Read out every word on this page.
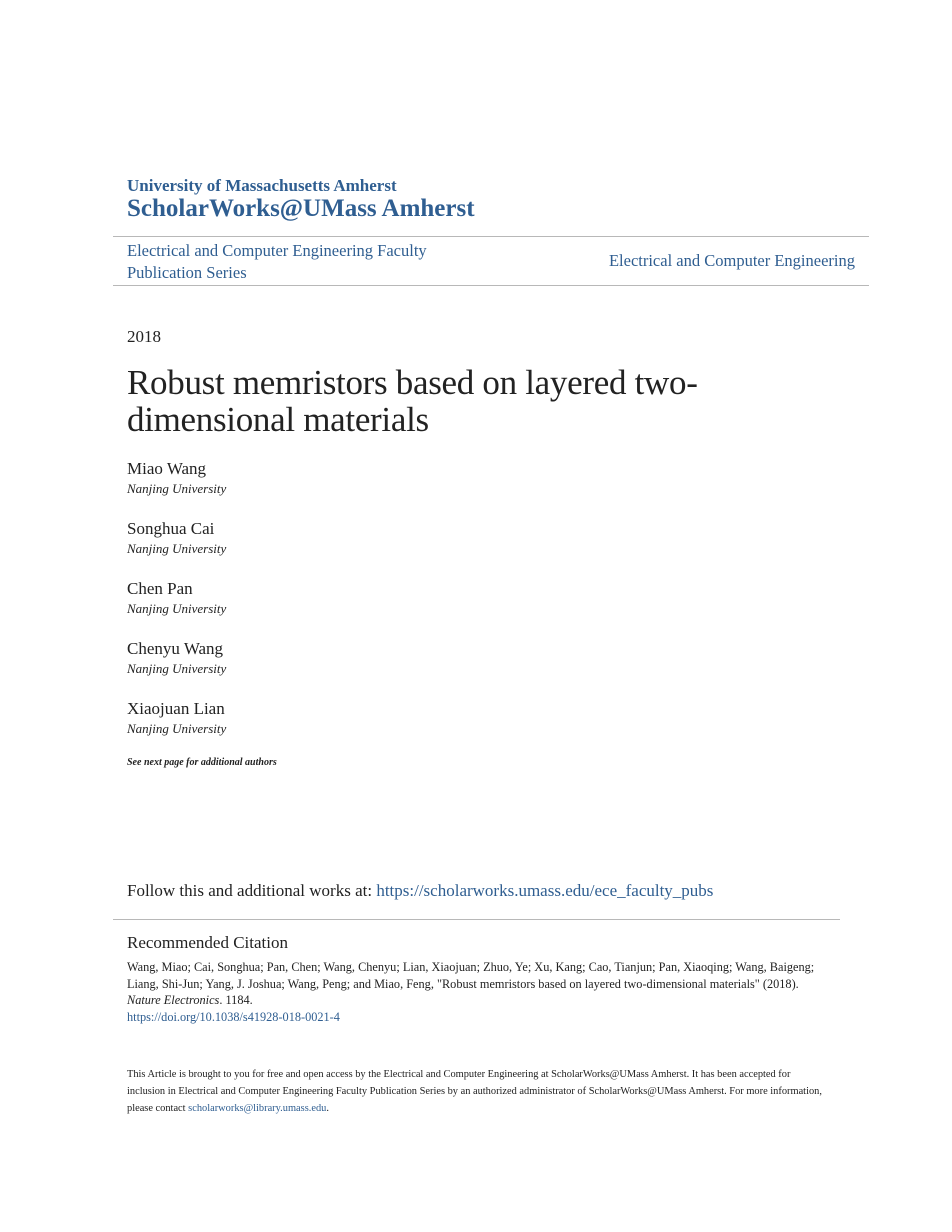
University of Massachusetts Amherst
ScholarWorks@UMass Amherst
Electrical and Computer Engineering Faculty Publication Series
Electrical and Computer Engineering
2018
Robust memristors based on layered two-dimensional materials
Miao Wang
Nanjing University
Songhua Cai
Nanjing University
Chen Pan
Nanjing University
Chenyu Wang
Nanjing University
Xiaojuan Lian
Nanjing University
See next page for additional authors
Follow this and additional works at: https://scholarworks.umass.edu/ece_faculty_pubs
Recommended Citation
Wang, Miao; Cai, Songhua; Pan, Chen; Wang, Chenyu; Lian, Xiaojuan; Zhuo, Ye; Xu, Kang; Cao, Tianjun; Pan, Xiaoqing; Wang, Baigeng; Liang, Shi-Jun; Yang, J. Joshua; Wang, Peng; and Miao, Feng, "Robust memristors based on layered two-dimensional materials" (2018). Nature Electronics. 1184.
https://doi.org/10.1038/s41928-018-0021-4
This Article is brought to you for free and open access by the Electrical and Computer Engineering at ScholarWorks@UMass Amherst. It has been accepted for inclusion in Electrical and Computer Engineering Faculty Publication Series by an authorized administrator of ScholarWorks@UMass Amherst. For more information, please contact scholarworks@library.umass.edu.
